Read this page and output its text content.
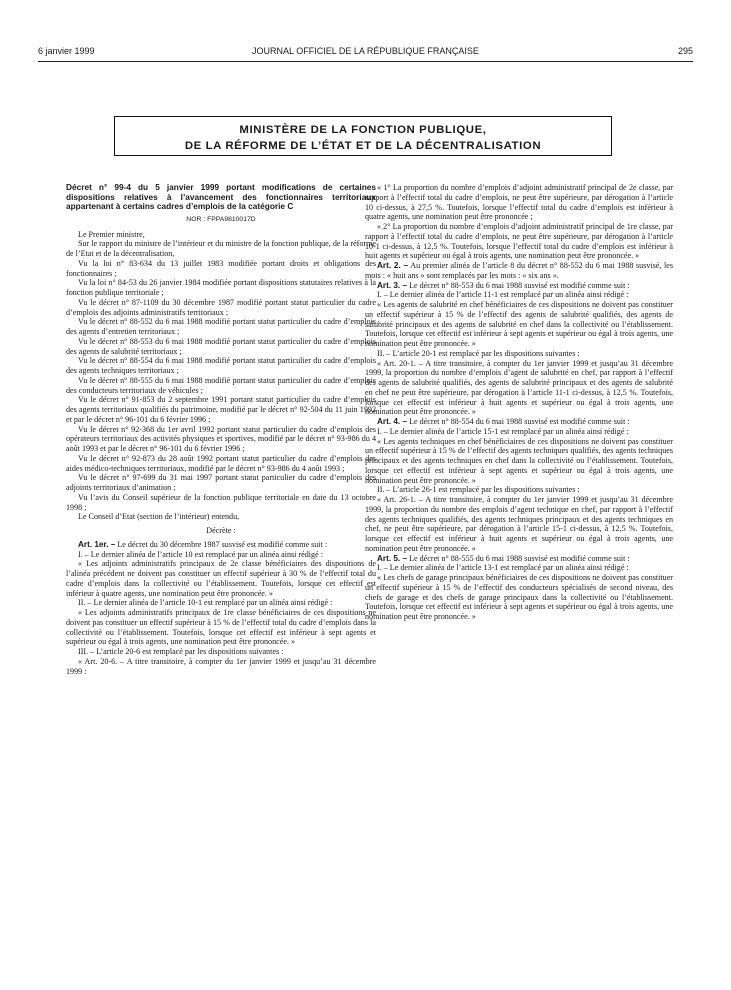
6 janvier 1999	JOURNAL OFFICIEL DE LA RÉPUBLIQUE FRANÇAISE	295
MINISTÈRE DE LA FONCTION PUBLIQUE,
DE LA RÉFORME DE L’ÉTAT ET DE LA DÉCENTRALISATION

Décret n° 99-4 du 5 janvier 1999 portant modifications de certaines dispositions relatives à l’avancement des fonctionnaires territoriaux appartenant à certains cadres d’emplois de la catégorie C

NOR : FPPA9810017D

Le Premier ministre,

Sur le rapport du ministre de l’intérieur et du ministre de la fonction publique, de la réforme de l’Etat et de la décentralisation,

Vu la loi n° 83-634 du 13 juillet 1983 modifiée portant droits et obligations des fonctionnaires ;

Vu la loi n° 84-53 du 26 janvier 1984 modifiée portant dispositions statutaires relatives à la fonction publique territoriale ;

Vu le décret n° 87-1109 du 30 décembre 1987 modifié portant statut particulier du cadre d’emplois des adjoints administratifs territoriaux ;

Vu le décret n° 88-552 du 6 mai 1988 modifié portant statut particulier du cadre d’emplois des agents d’entretien territoriaux ;

Vu le décret n° 88-553 du 6 mai 1988 modifié portant statut particulier du cadre d’emplois des agents de salubrité territoriaux ;

Vu le décret n° 88-554 du 6 mai 1988 modifié portant statut particulier du cadre d’emplois des agents techniques territoriaux ;

Vu le décret n° 88-555 du 6 mai 1988 modifié portant statut particulier du cadre d’emplois des conducteurs territoriaux de véhicules ;

Vu le décret n° 91-853 du 2 septembre 1991 portant statut particulier du cadre d’emplois des agents territoriaux qualifiés du patrimoine, modifié par le décret n° 92-504 du 11 juin 1992 et par le décret n° 96-101 du 6 février 1996 ;

Vu le décret n° 92-368 du 1er avril 1992 portant statut particulier du cadre d’emplois des opérateurs territoriaux des activités physiques et sportives, modifié par le décret n° 93-986 du 4 août 1993 et par le décret n° 96-101 du 6 février 1996 ;

Vu le décret n° 92-873 du 28 août 1992 portant statut particulier du cadre d’emplois des aides médico-techniques territoriaux, modifié par le décret n° 93-986 du 4 août 1993 ;

Vu le décret n° 97-699 du 31 mai 1997 portant statut particulier du cadre d’emplois des adjoints territoriaux d’animation ;

Vu l’avis du Conseil supérieur de la fonction publique territoriale en date du 13 octobre 1998 ;

Le Conseil d’Etat (section de l’intérieur) entendu,

Décrète :

Art. 1er. – Le décret du 30 décembre 1987 susvisé est modifié comme suit :

I. – Le dernier alinéa de l’article 10 est remplacé par un alinéa ainsi rédigé :

« Les adjoints administratifs principaux de 2e classe bénéficiaires des dispositions de l’alinéa précédent ne doivent pas constituer un effectif supérieur à 30 % de l’effectif total du cadre d’emplois dans la collectivité ou l’établissement. Toutefois, lorsque cet effectif est inférieur à quatre agents, une nomination peut être prononcée. »

II. – Le dernier alinéa de l’article 10-1 est remplacé par un alinéa ainsi rédigé :

« Les adjoints administratifs principaux de 1re classe bénéficiaires de ces dispositions ne doivent pas constituer un effectif supérieur à 15 % de l’effectif total du cadre d’emplois dans la collectivité ou l’établissement. Toutefois, lorsque cet effectif est inférieur à sept agents et supérieur ou égal à trois agents, une nomination peut être prononcée. »

III. – L’article 20-6 est remplacé par les dispositions suivantes :

« Art. 20-6. – A titre transitoire, à compter du 1er janvier 1999 et jusqu’au 31 décembre 1999 :

« 1° La proportion du nombre d’emplois d’adjoint administratif principal de 2e classe, par rapport à l’effectif total du cadre d’emplois, ne peut être supérieure, par dérogation à l’article 10 ci-dessus, à 27,5 %. Toutefois, lorsque l’effectif total du cadre d’emplois est inférieur à quatre agents, une nomination peut être prononcée ;

« 2° La proportion du nombre d’emplois d’adjoint administratif principal de 1re classe, par rapport à l’effectif total du cadre d’emplois, ne peut être supérieure, par dérogation à l’article 10-1 ci-dessus, à 12,5 %. Toutefois, lorsque l’effectif total du cadre d’emplois est inférieur à huit agents et supérieur ou égal à trois agents, une nomination peut être prononcée. »

Art. 2. – Au premier alinéa de l’article 8 du décret n° 88-552 du 6 mai 1988 susvisé, les mots : « huit ans » sont remplacés par les mots : « six ans ».

Art. 3. – Le décret n° 88-553 du 6 mai 1988 susvisé est modifié comme suit :

I. – Le dernier alinéa de l’article 11-1 est remplacé par un alinéa ainsi rédigé :

« Les agents de salubrité en chef bénéficiaires de ces dispositions ne doivent pas constituer un effectif supérieur à 15 % de l’effectif des agents de salubrité qualifiés, des agents de salubrité principaux et des agents de salubrité en chef dans la collectivité ou l’établissement. Toutefois, lorsque cet effectif est inférieur à sept agents et supérieur ou égal à trois agents, une nomination peut être prononcée. »

II. – L’article 20-1 est remplacé par les dispositions suivantes :

« Art. 20-1. – A titre transitoire, à compter du 1er janvier 1999 et jusqu’au 31 décembre 1999, la proportion du nombre d’emplois d’agent de salubrité en chef, par rapport à l’effectif des agents de salubrité qualifiés, des agents de salubrité principaux et des agents de salubrité en chef ne peut être supérieure, par dérogation à l’article 11-1 ci-dessus, à 12,5 %. Toutefois, lorsque cet effectif est inférieur à huit agents et supérieur ou égal à trois agents, une nomination peut être prononcée. »

Art. 4. – Le décret n° 88-554 du 6 mai 1988 susvisé est modifié comme suit :

I. – Le dernier alinéa de l’article 15-1 est remplacé par un alinéa ainsi rédigé :

« Les agents techniques en chef bénéficiaires de ces dispositions ne doivent pas constituer un effectif supérieur à 15 % de l’effectif des agents techniques qualifiés, des agents techniques principaux et des agents techniques en chef dans la collectivité ou l’établissement. Toutefois, lorsque cet effectif est inférieur à sept agents et supérieur ou égal à trois agents, une nomination peut être prononcée. »

II. – L’article 26-1 est remplacé par les dispositions suivantes :

« Art. 26-1. – A titre transitoire, à compter du 1er janvier 1999 et jusqu’au 31 décembre 1999, la proportion du nombre des emplois d’agent technique en chef, par rapport à l’effectif des agents techniques qualifiés, des agents techniques principaux et des agents techniques en chef, ne peut être supérieure, par dérogation à l’article 15-1 ci-dessus, à 12,5 %. Toutefois, lorsque cet effectif est inférieur à huit agents et supérieur ou égal à trois agents, une nomination peut être prononcée. »

Art. 5. – Le décret n° 88-555 du 6 mai 1988 susvisé est modifié comme suit :

I. – Le dernier alinéa de l’article 13-1 est remplacé par un alinéa ainsi rédigé :

« Les chefs de garage principaux bénéficiaires de ces dispositions ne doivent pas constituer un effectif supérieur à 15 % de l’effectif des conducteurs spécialisés de second niveau, des chefs de garage et des chefs de garage principaux dans la collectivité ou l’établissement. Toutefois, lorsque cet effectif est inférieur à sept agents et supérieur ou égal à trois agents, une nomination peut être prononcée. »
